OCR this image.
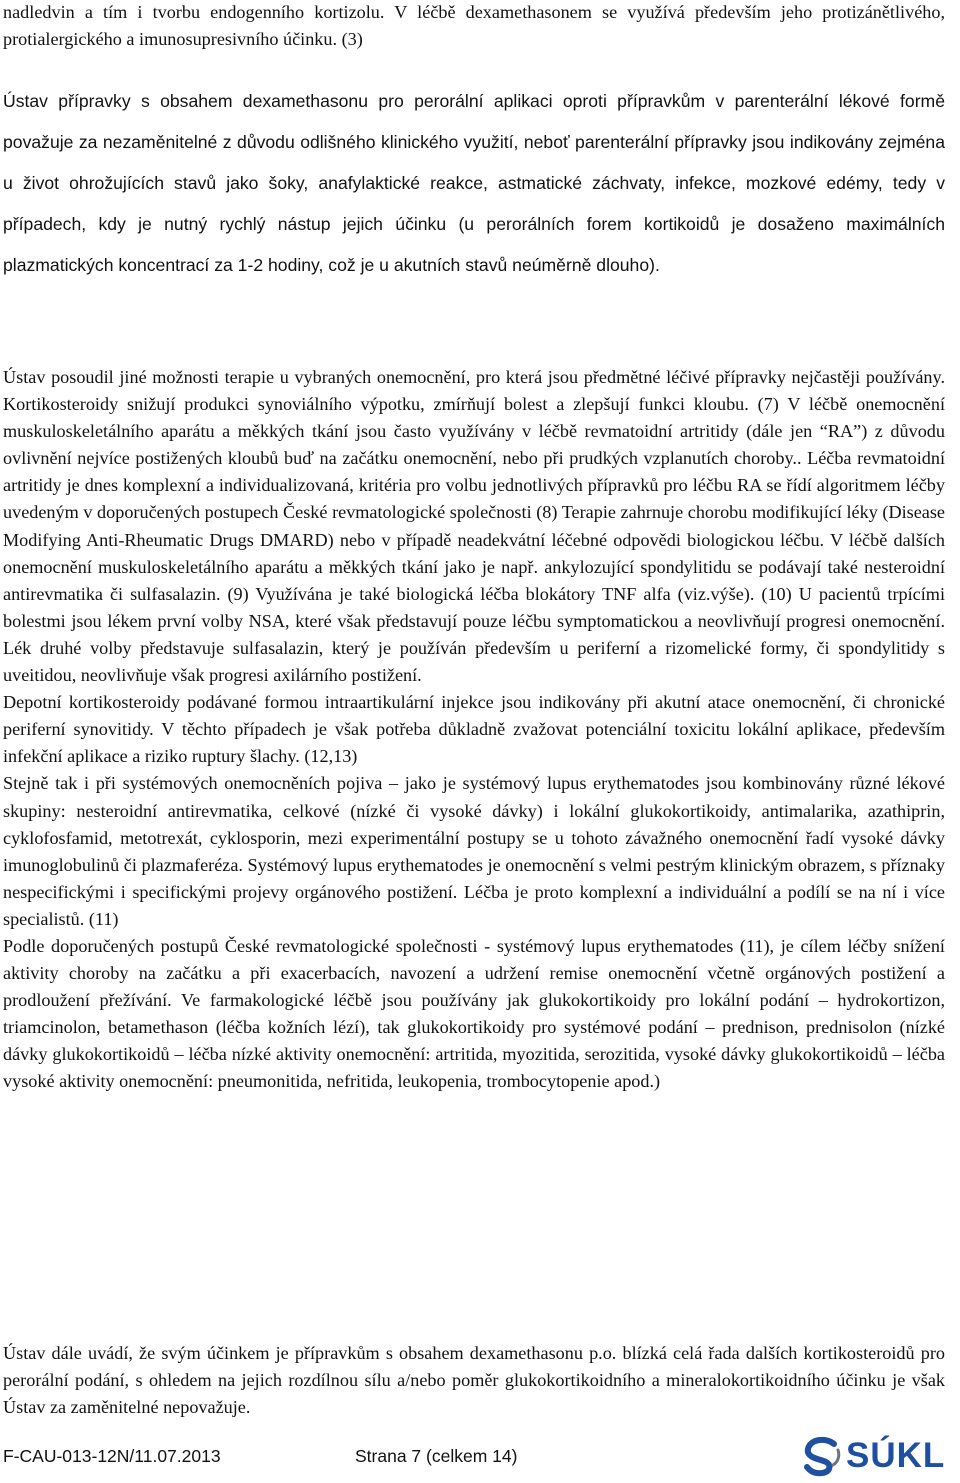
nadledvin a tím i tvorbu endogenního kortizolu. V léčbě dexamethasonem se využívá především jeho protizánětlivého, protialergického a imunosupresivního účinku. (3)

Ústav přípravky s obsahem dexamethasonu pro perorální aplikaci oproti přípravkům v parenterální lékové formě považuje za nezaměnitelné z důvodu odlišného klinického využití, neboť parenterální přípravky jsou indikovány zejména u život ohrožujících stavů jako šoky, anafylaktické reakce, astmatické záchvaty, infekce, mozkové edémy, tedy v případech, kdy je nutný rychlý nástup jejich účinku (u perorálních forem kortikoidů je dosaženo maximálních plazmatických koncentrací za 1-2 hodiny, což je u akutních stavů neúměrně dlouho).

Ústav posoudil jiné možnosti terapie u vybraných onemocnění, pro která jsou předmětné léčivé přípravky nejčastěji používány. Kortikosteroidy snižují produkci synoviálního výpotku, zmírňují bolest a zlepšují funkci kloubu. (7) V léčbě onemocnění muskuloskeletálního aparátu a měkkých tkání jsou často využívány v léčbě revmatoidní artritidy (dále jen “RA”) z důvodu ovlivnění nejvíce postižených kloubů buď na začátku onemocnění, nebo při prudkých vzplanutích choroby.. Léčba revmatoidní artritidy je dnes komplexní a individualizovaná, kritéria pro volbu jednotlivých přípravků pro léčbu RA se řídí algoritmem léčby uvedeným v doporučených postupech České revmatologické společnosti (8) Terapie zahrnuje chorobu modifikující léky (Disease Modifying Anti-Rheumatic Drugs DMARD) nebo v případě neadekvátní léčebné odpovědi biologickou léčbu. V léčbě dalších onemocnění muskuloskeletálního aparátu a měkkých tkání jako je např. ankylozující spondylitidu se podávají také nesteroidní antirevmatika či sulfasalazin. (9) Využívána je také biologická léčba blokátory TNF alfa (viz.výše). (10) U pacientů trpícími bolestmi jsou lékem první volby NSA, které však představují pouze léčbu symptomatickou a neovlivňují progresi onemocnění. Lék druhé volby představuje sulfasalazin, který je používán především u periferní a rizomelické formy, či spondylitidy s uveitidou, neovlivňuje však progresi axilárního postižení.

Depotní kortikosteroidy podávané formou intraartikulární injekce jsou indikovány při akutní atace onemocnění, či chronické periferní synovitidy. V těchto případech je však potřeba důkladně zvažovat potenciální toxicitu lokální aplikace, především infekční aplikace a riziko ruptury šlachy. (12,13)

Stejně tak i při systémových onemocněních pojiva – jako je systémový lupus erythematodes jsou kombinovány různé lékové skupiny: nesteroidní antirevmatika, celkové (nízké či vysoké dávky) i lokální glukokortikoidy, antimalarika, azathiprin, cyklofosfamid, metotrexát, cyklosporin, mezi experimentální postupy se u tohoto závažného onemocnění řadí vysoké dávky imunoglobulinů či plazmaferéza. Systémový lupus erythematodes je onemocnění s velmi pestrým klinickým obrazem, s příznaky nespecifickými i specifickými projevy orgánového postižení. Léčba je proto komplexní a individuální a podílí se na ní i více specialistů. (11)

Podle doporučených postupů České revmatologické společnosti - systémový lupus erythematodes (11), je cílem léčby snížení aktivity choroby na začátku a při exacerbacích, navození a udržení remise onemocnění včetně orgánových postižení a prodloužení přežívání. Ve farmakologické léčbě jsou používány jak glukokortikoidy pro lokální podání – hydrokortizon, triamcinolon, betamethason (léčba kožních lézí), tak glukokortikoidy pro systémové podání – prednison, prednisolon (nízké dávky glukokortikoidů – léčba nízké aktivity onemocnění: artritida, myozitida, serozitida, vysoké dávky glukokortikoidů – léčba vysoké aktivity onemocnění: pneumonitida, nefritida, leukopenia, trombocytopenie apod.)

Ústav dále uvádí, že svým účinkem je přípravkům s obsahem dexamethasonu p.o. blízká celá řada dalších kortikosteroidů pro perorální podání, s ohledem na jejich rozdílnou sílu a/nebo poměr glukokortikoidního a mineralokortikoidního účinku je však Ústav za zaměnitelné nepovažuje.

F-CAU-013-12N/11.07.2013	Strana 7 (celkem 14)	SÚKL
